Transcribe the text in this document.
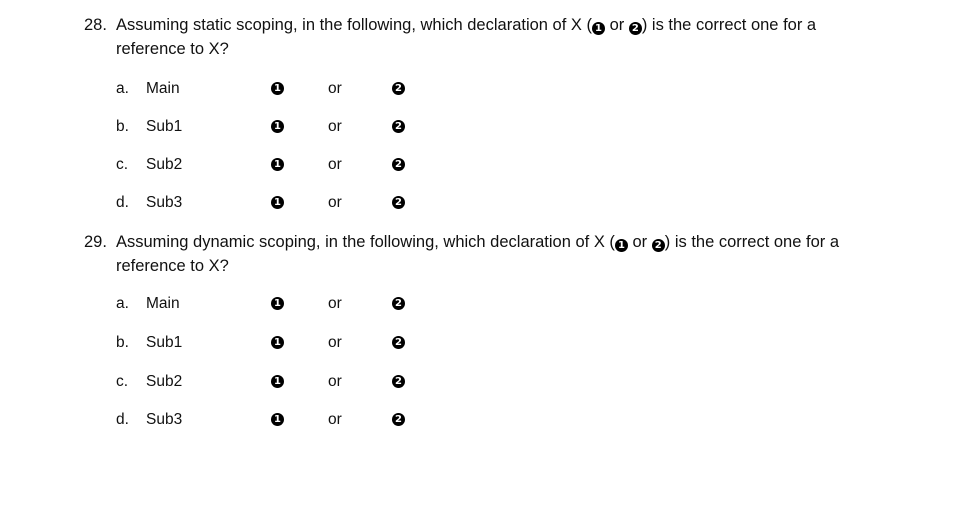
28. Assuming static scoping, in the following, which declaration of X ( 1 or 2 ) is the correct one for a
reference to X?
a. Main	1	or	2
b. Sub1	1	or	2
c. Sub2	1	or	2
d. Sub3	1	or	2
29. Assuming dynamic scoping, in the following, which declaration of X ( 1 or 2 ) is the correct one for a
reference to X?
a. Main	1	or	2
b. Sub1	1	or	2
c. Sub2	1	or	2
d. Sub3	1	or	2
